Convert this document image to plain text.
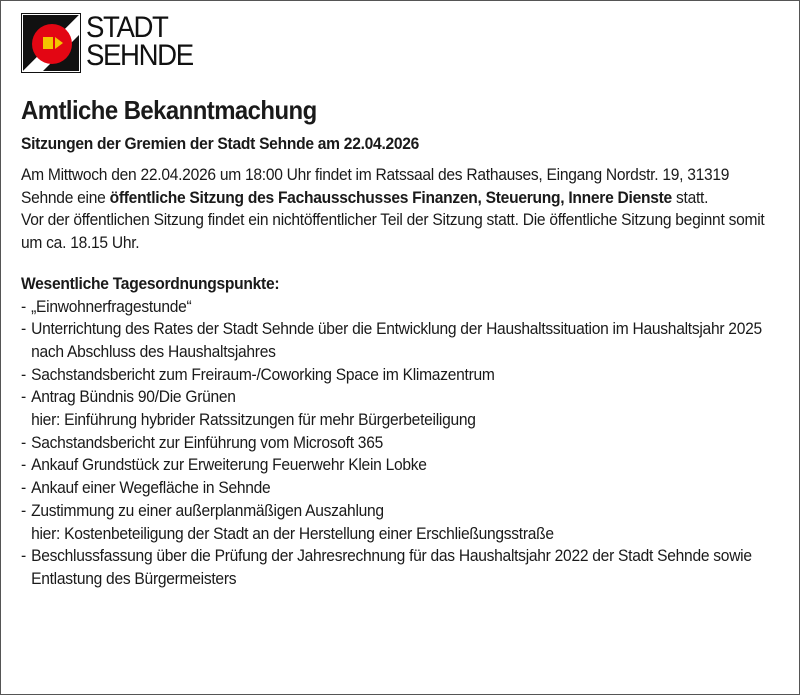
STADT
SEHNDE
Amtliche Bekanntmachung
Sitzungen der Gremien der Stadt Sehnde am 22.04.2026

Am Mittwoch den 22.04.2026 um 18:00 Uhr findet im Ratssaal des Rathauses, Eingang Nordstr. 19, 31319 Sehnde eine öffentliche Sitzung des Fachausschusses Finanzen, Steuerung, Innere Dienste statt.

Vor der öffentlichen Sitzung findet ein nichtöffentlicher Teil der Sitzung statt. Die öffentliche Sitzung beginnt somit um ca. 18.15 Uhr.

Wesentliche Tagesordnungspunkte:
- „Einwohnerfragestunde“
- Unterrichtung des Rates der Stadt Sehnde über die Entwicklung der Haushaltssituation im Haushaltsjahr 2025 nach Abschluss des Haushaltsjahres
- Sachstandsbericht zum Freiraum-/Coworking Space im Klimazentrum
- Antrag Bündnis 90/Die Grünen
hier: Einführung hybrider Ratssitzungen für mehr Bürgerbeteiligung
- Sachstandsbericht zur Einführung vom Microsoft 365
- Ankauf Grundstück zur Erweiterung Feuerwehr Klein Lobke
- Ankauf einer Wegefläche in Sehnde
- Zustimmung zu einer außerplanmäßigen Auszahlung
hier: Kostenbeteiligung der Stadt an der Herstellung einer Erschließungsstraße
- Beschlussfassung über die Prüfung der Jahresrechnung für das Haushaltsjahr 2022 der Stadt Sehnde sowie Entlastung des Bürgermeisters
